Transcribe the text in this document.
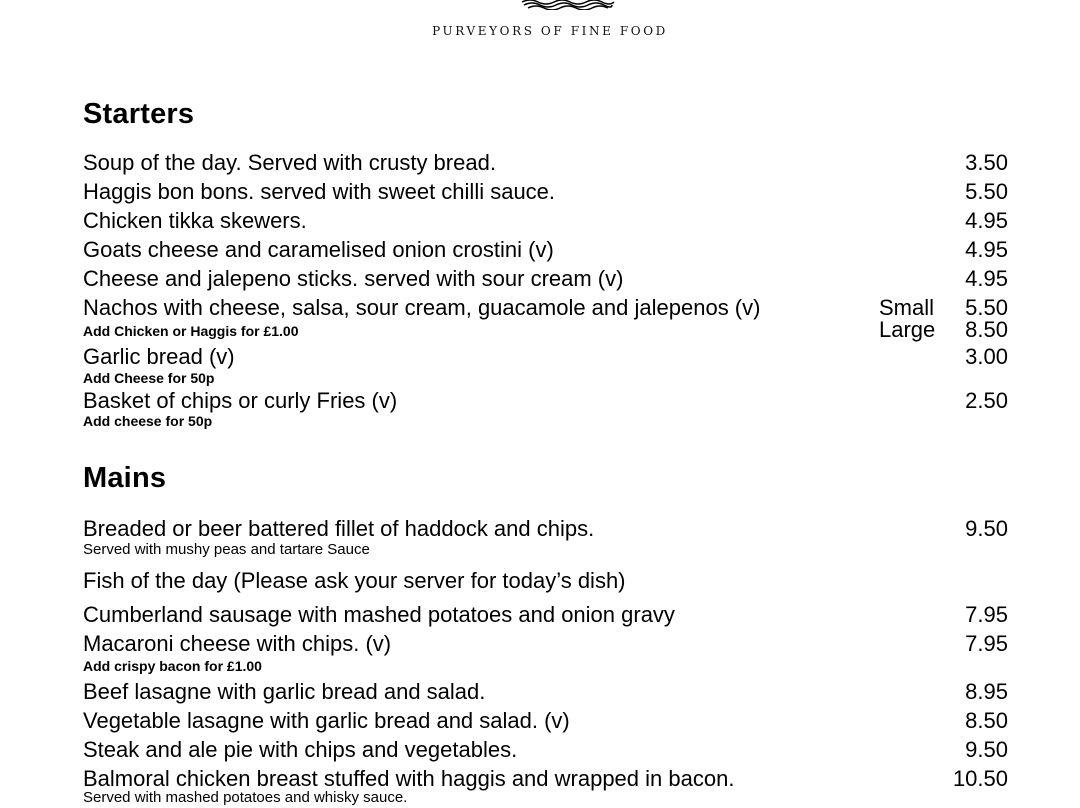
PURVEYORS OF FINE FOOD
Starters
Soup of the day. Served with crusty bread.	3.50
Haggis bon bons. served with sweet chilli sauce.	5.50
Chicken tikka skewers.	4.95
Goats cheese and caramelised onion crostini (v)	4.95
Cheese and jalepeno sticks. served with sour cream (v)	4.95
Nachos with cheese, salsa, sour cream, guacamole and jalepenos (v)	Small 5.50
Large 8.50
Add Chicken or Haggis for £1.00
Garlic bread (v)	3.00
Add Cheese for 50p
Basket of chips or curly Fries (v)	2.50
Add cheese for 50p
Mains
Breaded or beer battered fillet of haddock and chips.	9.50
Served with mushy peas and tartare Sauce
Fish of the day (Please ask your server for today’s dish)
Cumberland sausage with mashed potatoes and onion gravy	7.95
Macaroni cheese with chips. (v)	7.95
Add crispy bacon for £1.00
Beef lasagne with garlic bread and salad.	8.95
Vegetable lasagne with garlic bread and salad. (v)	8.50
Steak and ale pie with chips and vegetables.	9.50
Balmoral chicken breast stuffed with haggis and wrapped in bacon.	10.50
Served with mashed potatoes and whisky sauce.
